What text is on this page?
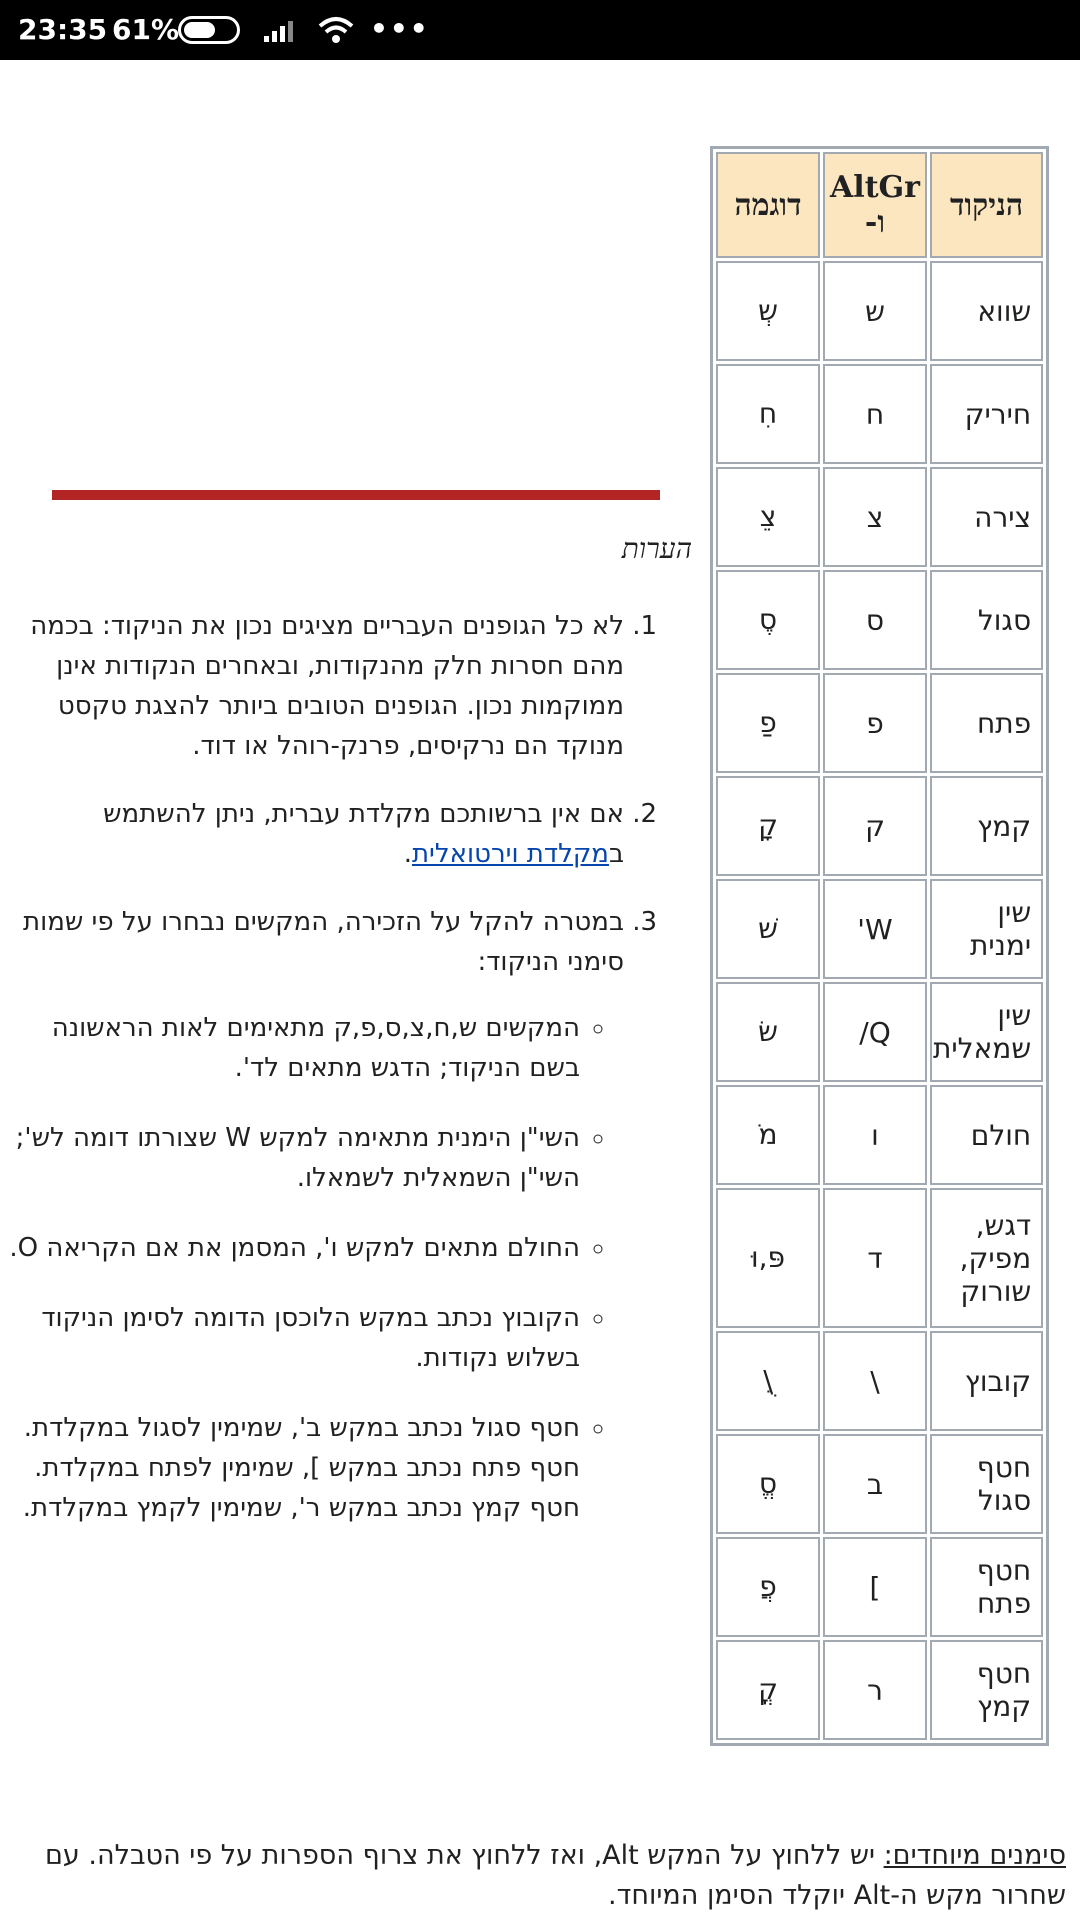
23:35 61%	•••
הניקוד	AltGr ו-	דוגמה
שווא	ש	שְ
חיריק	ח	חִ
צירה	צ	צֵ
סגול	ס	סֶ
פתח	פ	פַ
קמץ	ק	קָ
שין ימנית	W'	שׁ
שין שמאלית	Q/	שׂ
חולם	ו	מֹ
דגש, מפיק, שורוק	ד	פּ,וּ
קובוץ	\	\ֻ
חטף סגול	ב	סֱ
חטף פתח	]	פֲ
חטף קמץ	ר	קֳ
הערות
1. לא כל הגופנים העבריים מציגים נכון את הניקוד: בכמה מהם חסרות חלק מהנקודות, ובאחרים הנקודות אינן ממוקמות נכון. הגופנים הטובים ביותר להצגת טקסט מנוקד הם נרקיסים, פרנק-רוהל או דוד.
2. אם אין ברשותכם מקלדת עברית, ניתן להשתמש במקלדת וירטואלית.
3. במטרה להקל על הזכירה, המקשים נבחרו על פי שמות סימני הניקוד:
◦ המקשים ש,ח,צ,ס,פ,ק מתאימים לאות הראשונה בשם הניקוד; הדגש מתאים לד'.
◦ השי"ן הימנית מתאימה למקש W שצורתו דומה לש'; השי"ן השמאלית לשמאלו.
◦ החולם מתאים למקש ו', המסמן את אם הקריאה O.
◦ הקובוץ נכתב במקש הלוכסן הדומה לסימן הניקוד בשלוש נקודות.
◦ חטף סגול נכתב במקש ב', שמימין לסגול במקלדת.
חטף פתח נכתב במקש ], שמימין לפתח במקלדת.
חטף קמץ נכתב במקש ר', שמימין לקמץ במקלדת.
סימנים מיוחדים: יש ללחוץ על המקש Alt, ואז ללחוץ את צרוף הספרות על פי הטבלה. עם שחרור מקש ה-Alt יוקלד הסימן המיוחד.
